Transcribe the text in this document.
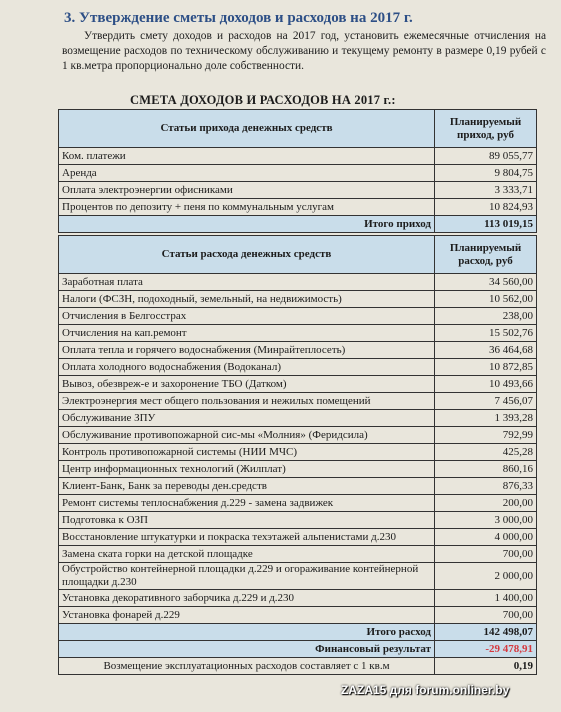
3. Утверждение сметы доходов и расходов на 2017 г.
Утвердить смету доходов и расходов на 2017 год, установить ежемесячные отчисления на возмещение расходов по техническому обслуживанию и текущему ремонту в размере 0,19 рубей с 1 кв.метра пропорционально доле собственности.
СМЕТА ДОХОДОВ И РАСХОДОВ НА 2017 г.:
Статьи прихода денежных средств	Планируемый приход, руб
Ком. платежи	89 055,77
Аренда	9 804,75
Оплата электроэнергии офисниками	3 333,71
Процентов по депозиту + пеня по коммунальным услугам	10 824,93
Итого приход	113 019,15
Статьи расхода денежных средств	Планируемый расход, руб
Заработная плата	34 560,00
Налоги (ФСЗН, подоходный, земельный, на недвижимость)	10 562,00
Отчисления в Белгосстрах	238,00
Отчисления на кап.ремонт	15 502,76
Оплата тепла и горячего водоснабжения (Минрайтеплосеть)	36 464,68
Оплата холодного водоснабжения (Водоканал)	10 872,85
Вывоз, обезвреж-е и захоронение ТБО (Датком)	10 493,66
Электроэнергия мест общего пользования и нежилых помещений	7 456,07
Обслуживание ЗПУ	1 393,28
Обслуживание противопожарной сис-мы «Молния» (Феридсила)	792,99
Контроль противопожарной системы (НИИ МЧС)	425,28
Центр информационных технологий (Жилплат)	860,16
Клиент-Банк, Банк за переводы ден.средств	876,33
Ремонт системы теплоснабжения д.229 - замена задвижек	200,00
Подготовка к ОЗП	3 000,00
Восстановление штукатурки и покраска техэтажей альпенистами д.230	4 000,00
Замена ската горки на детской площадке	700,00
Обустройство контейнерной площадки д.229 и огораживание контейнерной площадки д.230	2 000,00
Установка декоративного заборчика д.229 и д.230	1 400,00
Установка фонарей д.229	700,00
Итого расход	142 498,07
Финансовый результат	-29 478,91
Возмещение эксплуатационных расходов составляет с 1 кв.м	0,19
ZAZA15 для forum.onliner.by
